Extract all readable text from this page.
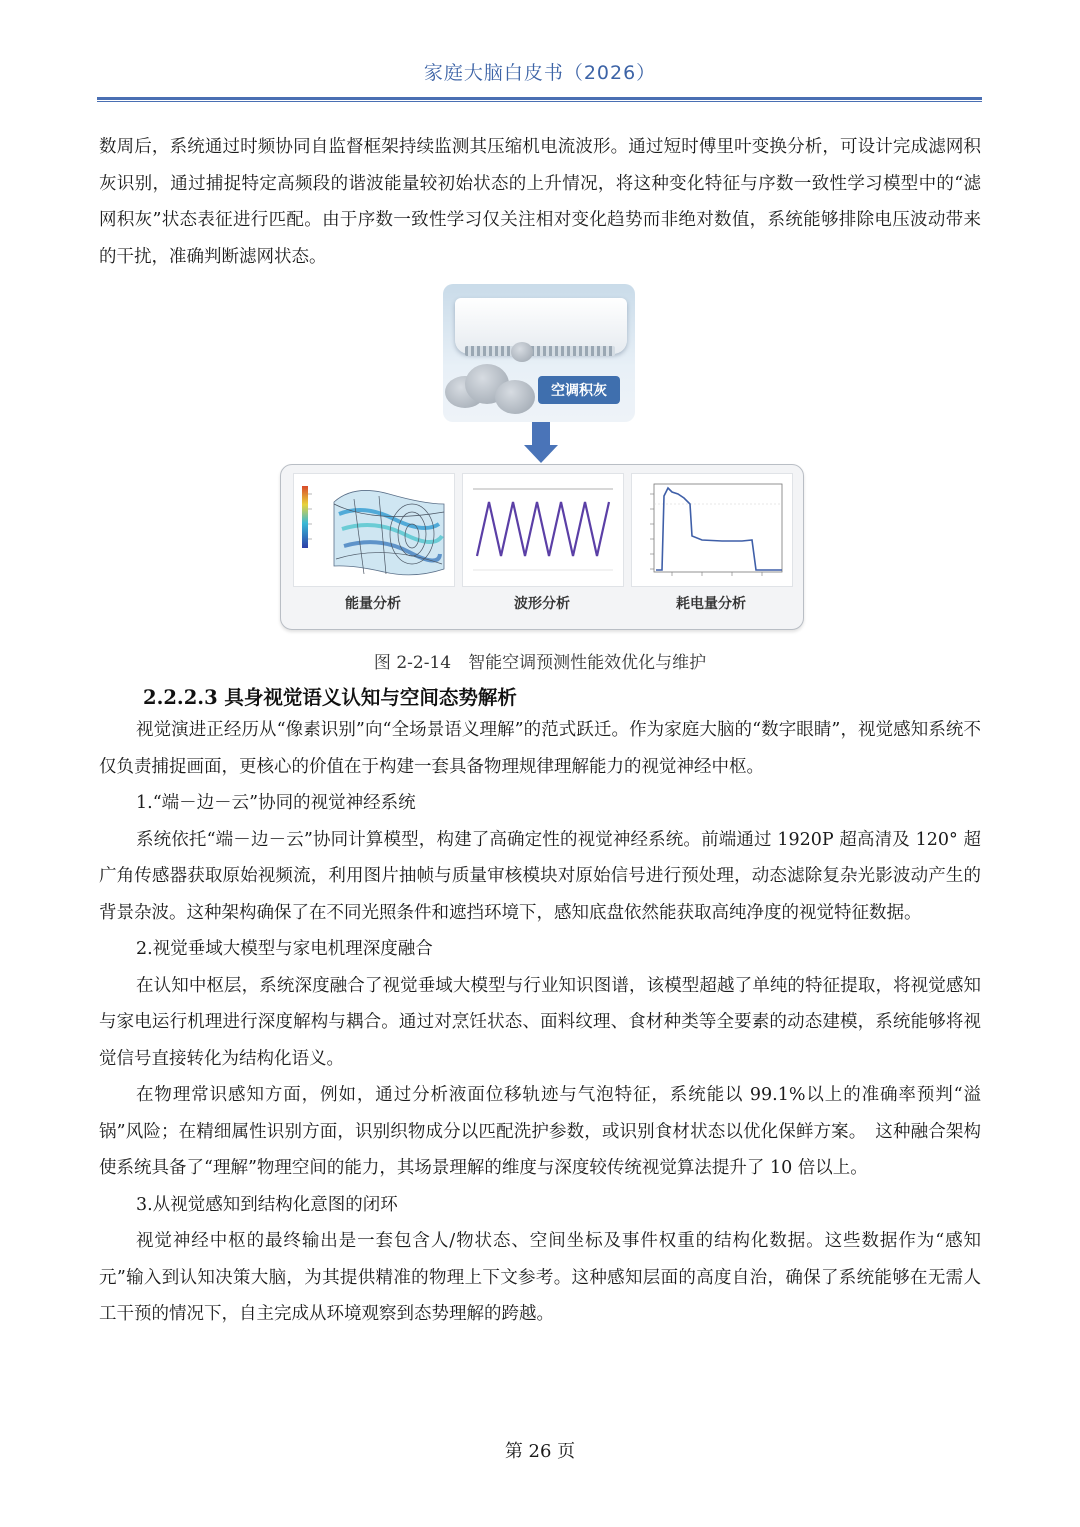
家庭大脑白皮书（2026）

数周后，系统通过时频协同自监督框架持续监测其压缩机电流波形。通过短时傅里叶变换分析，可设计完成滤网积灰识别，通过捕捉特定高频段的谐波能量较初始状态的上升情况，将这种变化特征与序数一致性学习模型中的“滤网积灰”状态表征进行匹配。由于序数一致性学习仅关注相对变化趋势而非绝对数值，系统能够排除电压波动带来的干扰，准确判断滤网状态。

空调积灰
能量分析	波形分析	耗电量分析
图 2-2-14　智能空调预测性能效优化与维护
2.2.2.3 具身视觉语义认知与空间态势解析

视觉演进正经历从“像素识别”向“全场景语义理解”的范式跃迁。作为家庭大脑的“数字眼睛”，视觉感知系统不仅负责捕捉画面，更核心的价值在于构建一套具备物理规律理解能力的视觉神经中枢。

1.“端－边－云”协同的视觉神经系统

系统依托“端－边－云”协同计算模型，构建了高确定性的视觉神经系统。前端通过 1920P 超高清及 120° 超广角传感器获取原始视频流，利用图片抽帧与质量审核模块对原始信号进行预处理，动态滤除复杂光影波动产生的背景杂波。这种架构确保了在不同光照条件和遮挡环境下，感知底盘依然能获取高纯净度的视觉特征数据。

2.视觉垂域大模型与家电机理深度融合

在认知中枢层，系统深度融合了视觉垂域大模型与行业知识图谱，该模型超越了单纯的特征提取，将视觉感知与家电运行机理进行深度解构与耦合。通过对烹饪状态、面料纹理、食材种类等全要素的动态建模，系统能够将视觉信号直接转化为结构化语义。

在物理常识感知方面，例如，通过分析液面位移轨迹与气泡特征，系统能以 99.1%以上的准确率预判“溢锅”风险；在精细属性识别方面，识别织物成分以匹配洗护参数，或识别食材状态以优化保鲜方案。　这种融合架构使系统具备了“理解”物理空间的能力，其场景理解的维度与深度较传统视觉算法提升了 10 倍以上。

3.从视觉感知到结构化意图的闭环

视觉神经中枢的最终输出是一套包含人/物状态、空间坐标及事件权重的结构化数据。这些数据作为“感知元”输入到认知决策大脑，为其提供精准的物理上下文参考。这种感知层面的高度自治，确保了系统能够在无需人工干预的情况下，自主完成从环境观察到态势理解的跨越。

第 26 页
